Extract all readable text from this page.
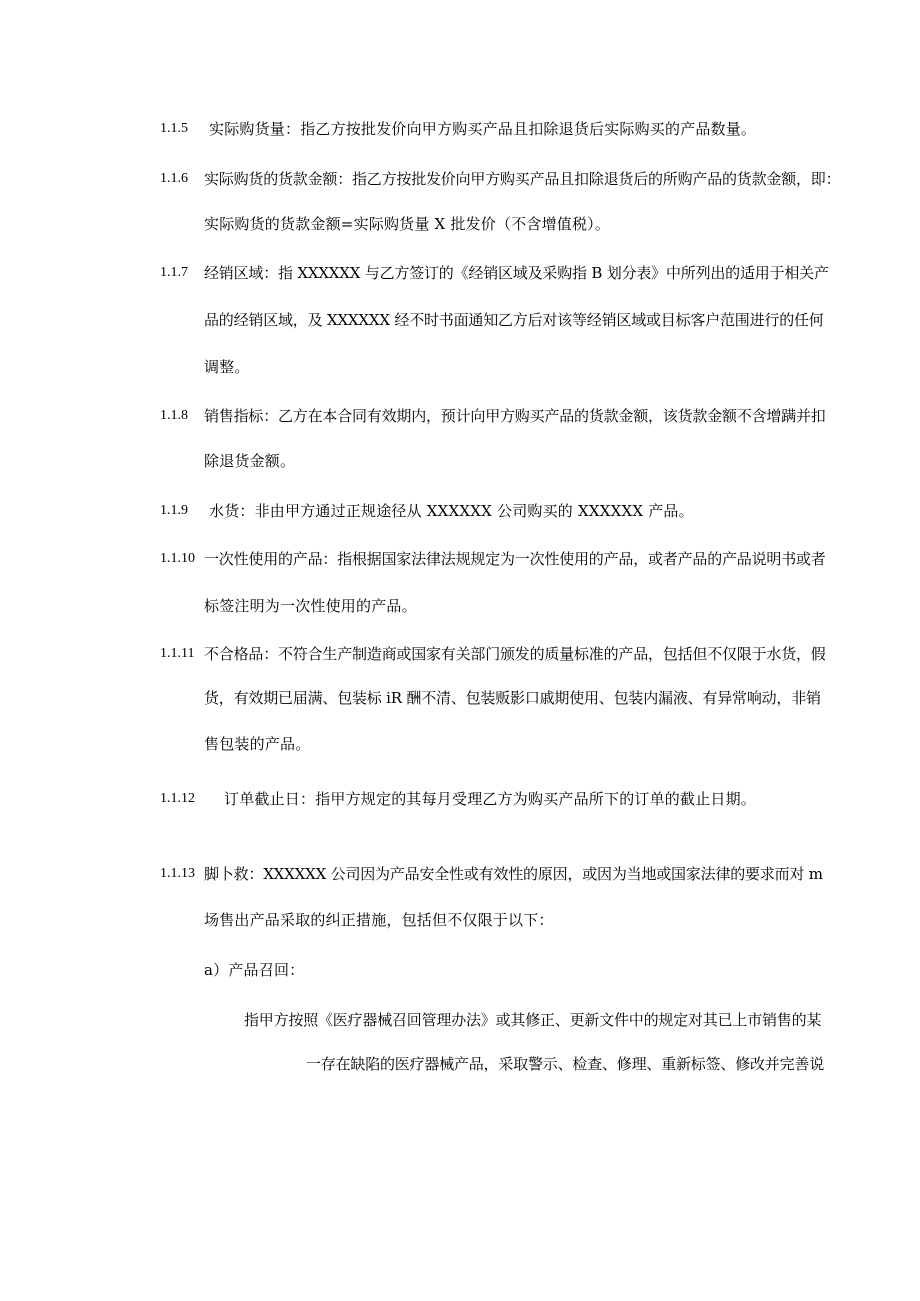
1.1.5 实际购货量：指乙方按批发价向甲方购买产品且扣除退货后实际购买的产品数量。
1.1.6 实际购货的货款金额：指乙方按批发价向甲方购买产品且扣除退货后的所购产品的货款金额，即：
实际购货的货款金额=实际购货量 X 批发价（不含增值税）。
1.1.7 经销区域：指 XXXXXX 与乙方签订的《经销区域及采购指 B 划分表》中所列出的适用于相关产
品的经销区域，及 XXXXXX 经不时书面通知乙方后对该等经销区域或目标客户范围进行的任何
调整。
1.1.8 销售指标：乙方在本合同有效期内，预计向甲方购买产品的货款金额，该货款金额不含增蹒并扣
除退货金额。
1.1.9 水货：非由甲方通过正规途径从 XXXXXX 公司购买的 XXXXXX 产品。
1.1.10 一次性使用的产品：指根据国家法律法规规定为一次性使用的产品，或者产品的产品说明书或者
标签注明为一次性使用的产品。
1.1.11 不合格品：不符合生产制造商或国家有关部门颁发的质量标准的产品，包括但不仅限于水货，假
货，有效期已届满、包装标 iR 酬不清、包装贩影口戚期使用、包装内漏液、有异常响动，非销
售包装的产品。
1.1.12 订单截止日：指甲方规定的其每月受理乙方为购买产品所下的订单的截止日期。
1.1.13 脚卜救：XXXXXX 公司因为产品安全性或有效性的原因，或因为当地或国家法律的要求而对 m
场售出产品采取的纠正措施，包括但不仅限于以下：
a）产品召回：
指甲方按照《医疗器械召回管理办法》或其修正、更新文件中的规定对其已上市销售的某
一存在缺陷的医疗器械产品，采取警示、检查、修理、重新标签、修改并完善说
